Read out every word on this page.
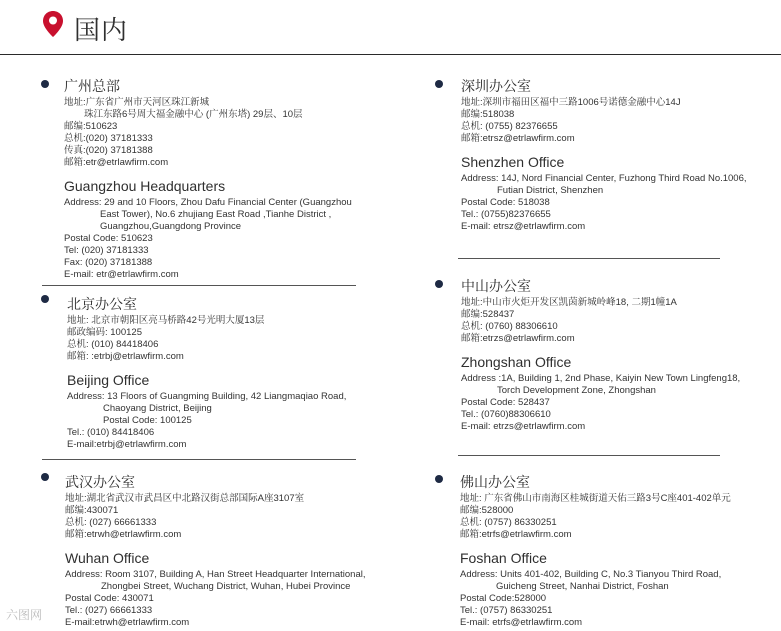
国内
广州总部
地址:广东省广州市天河区珠江新城
珠江东路6号周大福金融中心 (广州东塔) 29层、10层
邮编:510623
总机:(020) 37181333
传真:(020) 37181388
邮箱:etr@etrlawfirm.com
Guangzhou Headquarters
Address: 29 and 10 Floors, Zhou Dafu Financial Center (Guangzhou
East Tower), No.6 zhujiang East Road ,Tianhe District ,
Guangzhou,Guangdong Province
Postal Code: 510623
Tel: (020) 37181333
Fax: (020) 37181388
E-mail: etr@etrlawfirm.com
北京办公室
地址: 北京市朝阳区亮马桥路42号光明大厦13层
邮政编码: 100125
总机: (010) 84418406
邮箱: :etrbj@etrlawfirm.com
Beijing Office
Address: 13 Floors of Guangming Building, 42 Liangmaqiao Road,
Chaoyang District, Beijing
Postal Code: 100125
Tel.: (010) 84418406
E-mail:etrbj@etrlawfirm.com
武汉办公室
地址:湖北省武汉市武昌区中北路汉街总部国际A座3107室
邮编:430071
总机: (027) 66661333
邮箱:etrwh@etrlawfirm.com
Wuhan Office
Address: Room 3107, Building A, Han Street Headquarter International,
Zhongbei Street, Wuchang District, Wuhan, Hubei Province
Postal Code: 430071
Tel.: (027) 66661333
E-mail:etrwh@etrlawfirm.com
深圳办公室
地址:深圳市福田区福中三路1006号诺德金融中心14J
邮编:518038
总机: (0755) 82376655
邮箱:etrsz@etrlawfirm.com
Shenzhen Office
Address: 14J, Nord Financial Center, Fuzhong Third Road No.1006,
Futian District, Shenzhen
Postal Code: 518038
Tel.: (0755)82376655
E-mail: etrsz@etrlawfirm.com
中山办公室
地址:中山市火炬开发区凯茵新城岭峰18, 二期1幢1A
邮编:528437
总机: (0760) 88306610
邮箱:etrzs@etrlawfirm.com
Zhongshan Office
Address :1A, Building 1, 2nd Phase, Kaiyin New Town Lingfeng18,
Torch Development Zone, Zhongshan
Postal Code: 528437
Tel.: (0760)88306610
E-mail: etrzs@etrlawfirm.com
佛山办公室
地址: 广东省佛山市南海区桂城街道天佑三路3号C座401-402单元
邮编:528000
总机: (0757) 86330251
邮箱:etrfs@etrlawfirm.com
Foshan Office
Address: Units 401-402, Building C, No.3 Tianyou Third Road,
Guicheng Street, Nanhai District, Foshan
Postal Code:528000
Tel.: (0757) 86330251
E-mail: etrfs@etrlawfirm.com
六图网
